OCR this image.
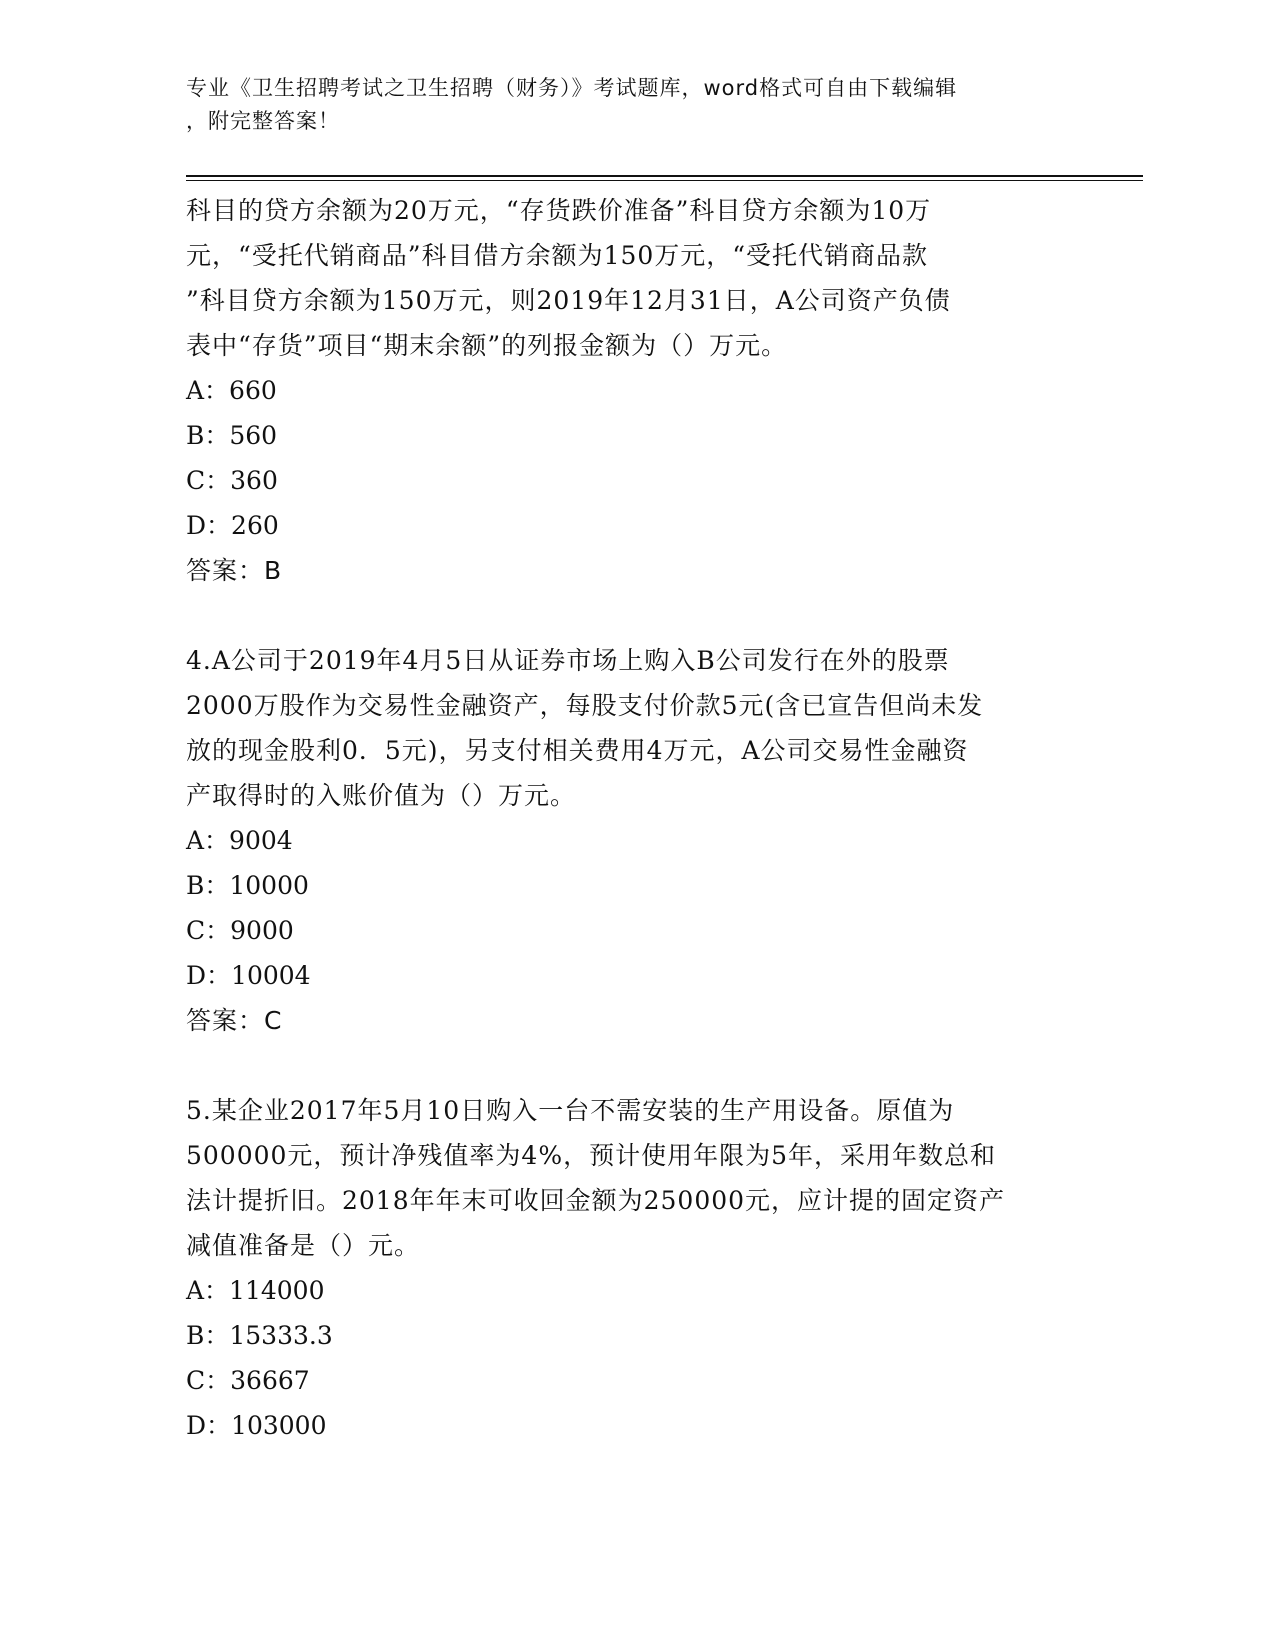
专业《卫生招聘考试之卫生招聘（财务）》考试题库，word格式可自由下载编辑
，附完整答案！
科目的贷方余额为20万元，“存货跌价准备”科目贷方余额为10万
元，“受托代销商品”科目借方余额为150万元，“受托代销商品款
”科目贷方余额为150万元，则2019年12月31日，A公司资产负债
表中“存货”项目“期末余额”的列报金额为（）万元。
A：660
B：560
C：360
D：260
答案：B
4.A公司于2019年4月5日从证券市场上购入B公司发行在外的股票
2000万股作为交易性金融资产，每股支付价款5元(含已宣告但尚未发
放的现金股利0．5元)，另支付相关费用4万元，A公司交易性金融资
产取得时的入账价值为（）万元。
A：9004
B：10000
C：9000
D：10004
答案：C
5.某企业2017年5月10日购入一台不需安装的生产用设备。原值为
500000元，预计净残值率为4%，预计使用年限为5年，采用年数总和
法计提折旧。2018年年末可收回金额为250000元，应计提的固定资产
减值准备是（）元。
A：114000
B：15333.3
C：36667
D：103000
